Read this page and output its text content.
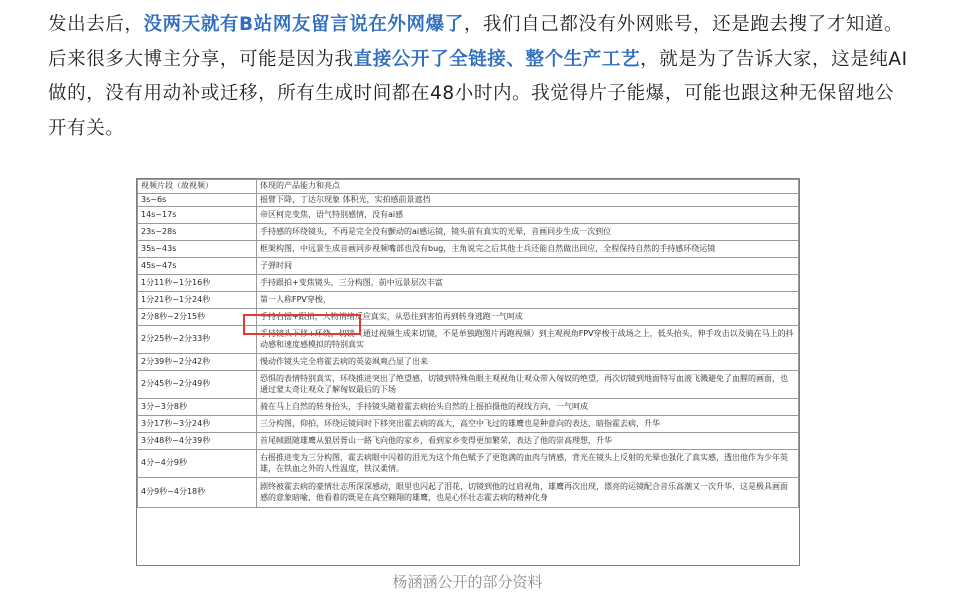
发出去后，没两天就有B站网友留言说在外网爆了，我们自己都没有外网账号，还是跑去搜了才知道。后来很多大博主分享，可能是因为我直接公开了全链接、整个生产工艺，就是为了告诉大家，这是纯AI做的，没有用动补或迁移，所有生成时间都在48小时内。我觉得片子能爆，可能也跟这种无保留地公开有关。

视频片段（故视频）	体现的产品能力和亮点
3s~6s	摇臂下降，丁达尔现象 体积光，实拍感前景遮挡
14s~17s	帝区柯克变焦，语气特别感情，没有ai感
23s~28s	手持感的环绕镜头，不再是完全没有颤动的ai感运镜，镜头前有真实的光晕，音画同步生成一次到位
35s~43s	框架构图，中远景生成音画同步视频嘴部也没有bug，主角说完之后其他士兵还能自然做出回应，全程保持自然的手持感环绕运镜
45s~47s	子弹时间
1分11秒~1分16秒	手持跟拍+变焦镜头，三分构图，前中远景层次丰富
1分21秒~1分24秒	第一人称FPV穿梭，
2分8秒~2分15秒	手持右摇+跟拍，人物情绪反应真实，从恐往到害怕再到转身逃跑一气呵成
2分25秒~2分33秒	手持镜头下移+环绕，切镜（通过视频生成来切镜，不是单独跑图片再跑视频）到主观视角FPV穿梭于战场之上，低头抬头，伸手攻击以及骑在马上的抖动感和速度感模拟的特别真实
2分39秒~2分42秒	慢动作镜头完全将霍去病的英姿飒爽凸显了出来
2分45秒~2分49秒	恐惧的表情特别真实，环绕推进突出了绝望感，切镜到特殊鱼眼主观视角让观众带入匈奴的绝望，再次切镜到地面特写血液飞溅避免了血腥的画面，也通过蒙太奇让观众了解匈奴最后的下场
3分~3分8秒	骑在马上自然的转身抬头，手持镜头随着霍去病抬头自然的上摇拍摄他的视线方向，一气呵成
3分17秒~3分24秒	三分构图，仰拍，环绕运镜同时下移突出霍去病的高大，高空中飞过的雄鹰也是种意向的表达，暗指霍去病，升华
3分48秒~4分39秒	首尾帧跟随雄鹰从狼居胥山一路飞向他的家乡，看到家乡变得更加繁荣，表达了他的崇高理想，升华
4分~4分9秒	右摇推进变为三分构图，霍去病眼中闪着的泪光为这个角色赋予了更饱满的血肉与情感，背光在镜头上反射的光晕也强化了真实感，透出他作为少年英雄，在铁血之外的人性温度，铁汉柔情。
4分9秒~4分18秒	剧终被霍去病的豪情壮志所深深感动，眼里也闪起了泪花，切镜到他的过肩视角，雄鹰再次出现，漂亮的运镜配合音乐高潮又一次升华，这是极具画面感的意象暗喻，他看着的既是在高空翱翔的雄鹰，也是心怀壮志霍去病的精神化身
杨涵涵公开的部分资料
